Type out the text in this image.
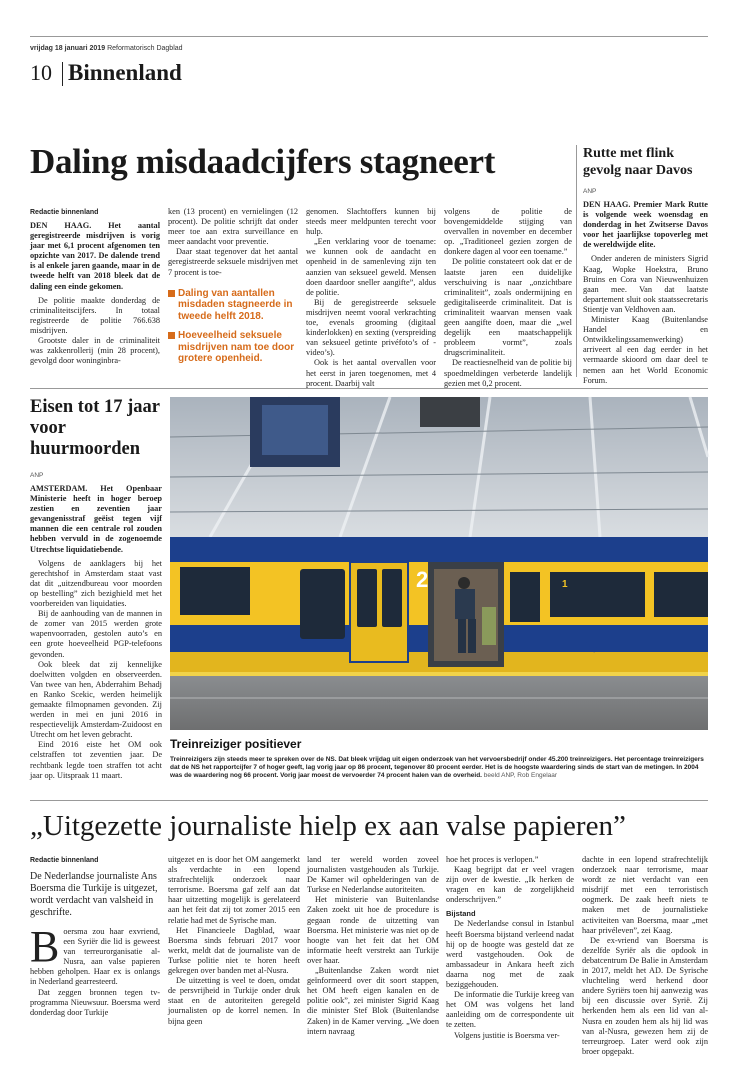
vrijdag 18 januari 2019 Reformatorisch Dagblad
10 Binnenland
Daling misdaadcijfers stagneert
Redactie binnenland

DEN HAAG. Het aantal geregistreerde misdrijven is vorig jaar met 6,1 procent afgenomen ten opzichte van 2017. De dalende trend is al enkele jaren gaande, maar in de tweede helft van 2018 bleek dat de daling een einde gekomen.

De politie maakte donderdag de criminaliteitscijfers. In totaal registreerde de politie 766.638 misdrijven.

Grootste daler in de criminaliteit was zakkenrollerij (min 28 procent), gevolgd door woninginbra-

ken (13 procent) en vernielingen (12 procent). De politie schrijft dat onder meer toe aan extra surveillance en meer aandacht voor preventie.

Daar staat tegenover dat het aantal geregistreerde seksuele misdrijven met 7 procent is toe-

Daling van aantallen misdaden stagneerde in tweede helft 2018.
Hoeveelheid seksuele misdrijven nam toe door grotere openheid.

genomen. Slachtoffers kunnen bij steeds meer meldpunten terecht voor hulp.

„Een verklaring voor de toename: we kunnen ook de aandacht en openheid in de samenleving zijn ten aanzien van seksueel geweld. Mensen doen daardoor sneller aangifte”, aldus de politie.

Bij de geregistreerde seksuele misdrijven neemt vooral verkrachting toe, evenals grooming (digitaal kinderlokken) en sexting (verspreiding van seksueel getinte privéfoto’s of -video’s).

Ook is het aantal overvallen voor het eerst in jaren toegenomen, met 4 procent. Daarbij valt

volgens de politie de bovengemiddelde stijging van overvallen in november en december op. „Traditioneel gezien zorgen de donkere dagen al voor een toename.”

De politie constateert ook dat er de laatste jaren een duidelijke verschuiving is naar „onzichtbare criminaliteit”, zoals ondermijning en gedigitaliseerde criminaliteit. Dat is criminaliteit waarvan mensen vaak geen aangifte doen, maar die „wel degelijk een maatschappelijk probleem vormt”, zoals drugscriminaliteit.

De reactiesnelheid van de politie bij spoedmeldingen verbeterde landelijk gezien met 0,2 procent.

Rutte met flink gevolg naar Davos
ANP

DEN HAAG. Premier Mark Rutte is volgende week woensdag en donderdag in het Zwitserse Davos voor het jaarlijkse topoverleg met de wereldwijde elite.

Onder anderen de ministers Sigrid Kaag, Wopke Hoekstra, Bruno Bruins en Cora van Nieuwenhuizen gaan mee. Van dat laatste departement sluit ook staatssecretaris Stientje van Veldhoven aan.

Minister Kaag (Buitenlandse Handel en Ontwikkelingssamenwerking) arriveert al een dag eerder in het vermaarde skioord om daar deel te nemen aan het World Economic Forum.

Eisen tot 17 jaar voor huurmoorden
ANP

AMSTERDAM. Het Openbaar Ministerie heeft in hoger beroep zestien en zeventien jaar gevangenisstraf geëist tegen vijf mannen die een centrale rol zouden hebben vervuld in de zogenoemde Utrechtse liquidatiebende.

Volgens de aanklagers bij het gerechtshof in Amsterdam staat vast dat dit „uitzendbureau voor moorden op bestelling” zich bezighield met het voorbereiden van liquidaties.

Bij de aanhouding van de mannen in de zomer van 2015 werden grote wapenvoorraden, gestolen auto’s en een grote hoeveelheid PGP-telefoons gevonden.

Ook bleek dat zij kennelijke doelwitten volgden en observeerden. Van twee van hen, Abderrahim Behadj en Ranko Scekic, werden heimelijk gemaakte filmopnamen gevonden. Zij werden in mei en juni 2016 in respectievelijk Amsterdam-Zuidoost en Utrecht om het leven gebracht.

Eind 2016 eiste het OM ook celstraffen tot zeventien jaar. De rechtbank legde toen straffen tot acht jaar op. Uitspraak 11 maart.

2	1
Treinreiziger positiever
Treinreizigers zijn steeds meer te spreken over de NS. Dat bleek vrijdag uit eigen onderzoek van het vervoersbedrijf onder 45.200 treinreizigers. Het percentage treinreizigers dat de NS het rapportcijfer 7 of hoger geeft, lag vorig jaar op 86 procent, tegenover 80 procent eerder. Het is de hoogste waardering sinds de start van de metingen. In 2004 was de waardering nog 66 procent. Vorig jaar moest de vervoerder 74 procent halen van de overheid. beeld ANP, Rob Engelaar
„Uitgezette journaliste hielp ex aan valse papieren”
Redactie binnenland
De Nederlandse journaliste Ans Boersma die Turkije is uitgezet, wordt verdacht van valsheid in geschrifte.
B oersma zou haar exvriend, een Syriër die lid is geweest van terreurorganisatie al-Nusra, aan valse papieren hebben geholpen. Haar ex is onlangs in Nederland gearresteerd.

Dat zeggen bronnen tegen tv-programma Nieuwsuur. Boersma werd donderdag door Turkije

uitgezet en is door het OM aangemerkt als verdachte in een lopend strafrechtelijk onderzoek naar terrorisme. Boersma gaf zelf aan dat haar uitzetting mogelijk is gerelateerd aan het feit dat zij tot zomer 2015 een relatie had met de Syrische man.

Het Financieele Dagblad, waar Boersma sinds februari 2017 voor werkt, meldt dat de journaliste van de Turkse politie niet te horen heeft gekregen over banden met al-Nusra.

De uitzetting is veel te doen, omdat de persvrijheid in Turkije onder druk staat en de autoriteiten geregeld journalisten op de korrel nemen. In bijna geen

land ter wereld worden zoveel journalisten vastgehouden als Turkije. De Kamer wil ophelderingen van de Turkse en Nederlandse autoriteiten.

Het ministerie van Buitenlandse Zaken zoekt uit hoe de procedure is gegaan ronde de uitzetting van Boersma. Het ministerie was niet op de hoogte van het feit dat het OM informatie heeft verstrekt aan Turkije over haar.

„Buitenlandse Zaken wordt niet geïnformeerd over dit soort stappen, het OM heeft eigen kanalen en de politie ook”, zei minister Sigrid Kaag die minister Stef Blok (Buitenlandse Zaken) in de Kamer verving. „We doen intern navraag

hoe het proces is verlopen.”

Kaag begrijpt dat er veel vragen zijn over de kwestie. „Ik herken de vragen en kan de zorgelijkheid onderschrijven.”

Bijstand

De Nederlandse consul in Istanbul heeft Boersma bijstand verleend nadat hij op de hoogte was gesteld dat ze werd vastgehouden. Ook de ambassadeur in Ankara heeft zich daarna nog met de zaak beziggehouden.

De informatie die Turkije kreeg van het OM was volgens het land aanleiding om de correspondente uit te zetten.

Volgens justitie is Boersma ver-

dachte in een lopend strafrechtelijk onderzoek naar terrorisme, maar wordt ze niet verdacht van een misdrijf met een terroristisch oogmerk. De zaak heeft niets te maken met de journalistieke activiteiten van Boersma, maar „met haar privéleven”, zei Kaag.

De ex-vriend van Boersma is dezelfde Syriër als die opdook in debatcentrum De Balie in Amsterdam in 2017, meldt het AD. De Syrische vluchteling werd herkend door andere Syriërs toen hij aanwezig was bij een discussie over Syrië. Zij herkenden hem als een lid van al-Nusra en zouden hem als hij lid was van al-Nusra, gewezen hem zij de terreurgroep. Later werd ook zijn broer opgepakt.
